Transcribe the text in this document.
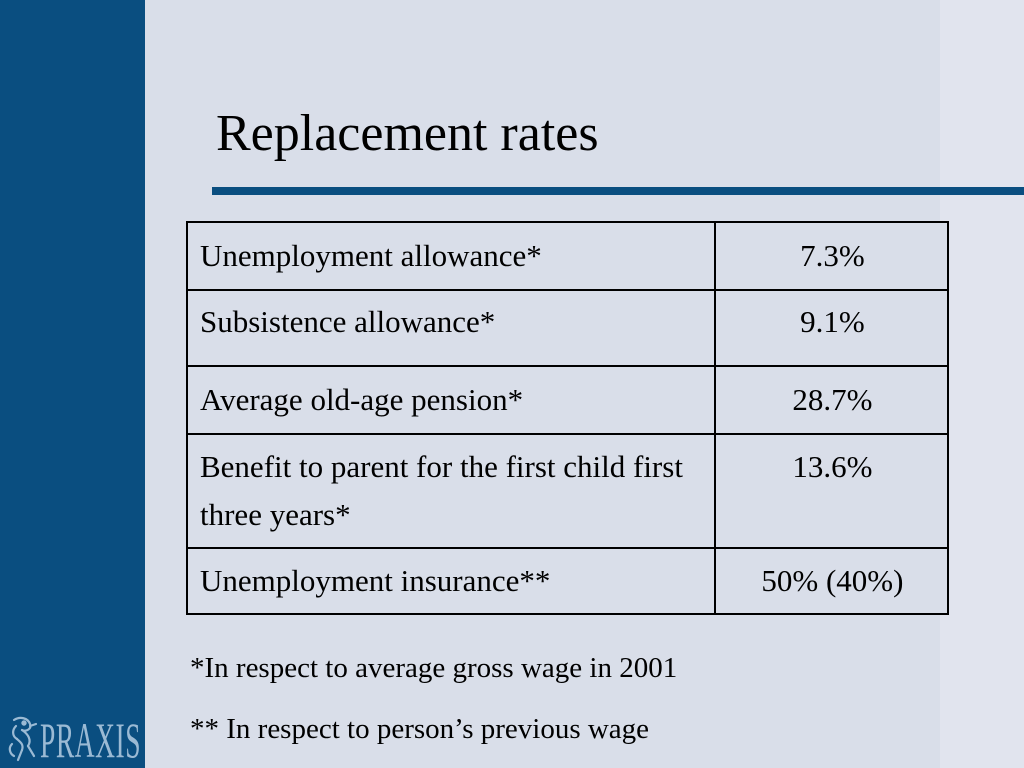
Replacement rates
Unemployment allowance*	7.3%
Subsistence allowance*	9.1%
Average old-age pension*	28.7%
Benefit to parent for the first child first three years*	13.6%
Unemployment insurance**	50% (40%)
*In respect to average gross wage in 2001
** In respect to person’s previous wage
PRAXIS
